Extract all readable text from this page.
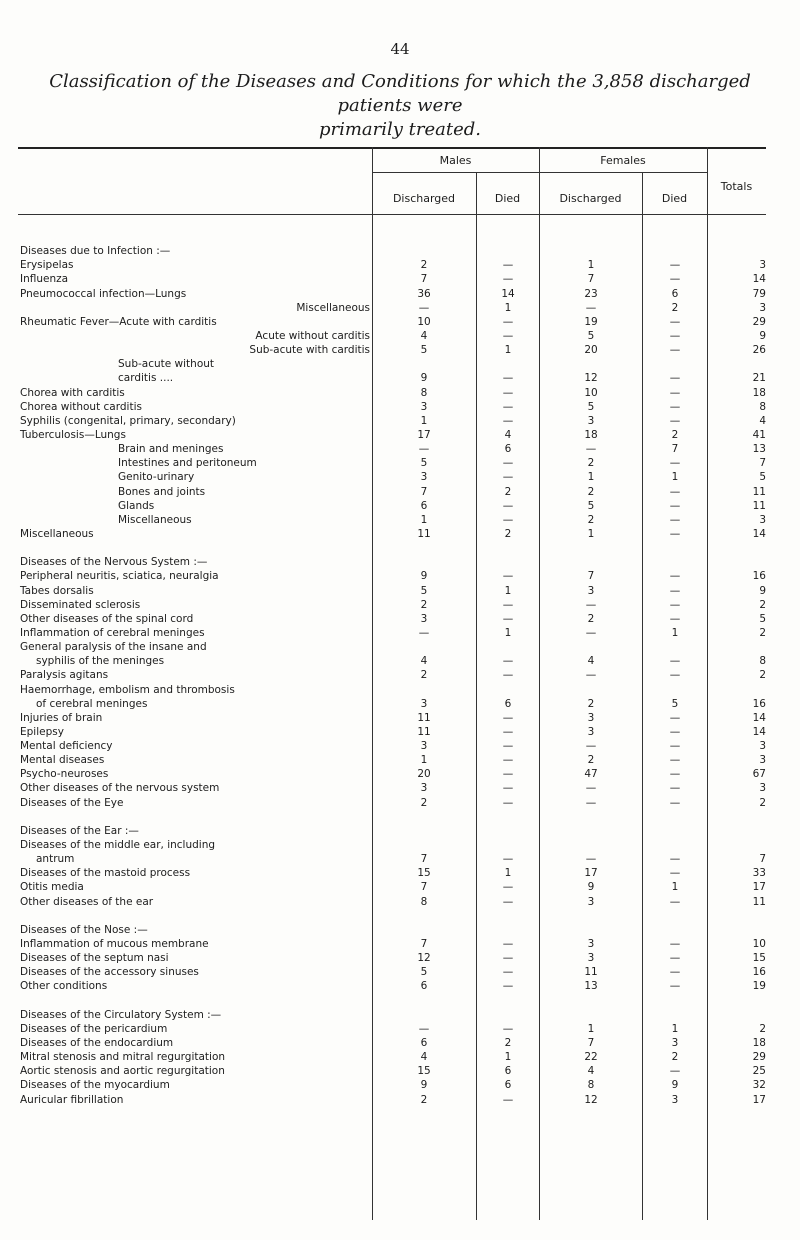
44
Classification of the Diseases and Conditions for which the 3,858 discharged patients were
primarily treated.
Males	Females
Totals
Discharged	Died	Discharged	Died
Diseases due to Infection :—
Erysipelas	2	—	1	—	3
Influenza	7	—	7	—	14
Pneumococcal infection—Lungs	36	14	23	6	79
Miscellaneous	—	1	—	2	3
Rheumatic Fever—Acute with carditis	10	—	19	—	29
Acute without carditis	4	—	5	—	9
Sub-acute with carditis	5	1	20	—	26
Sub-acute without
carditis ....	9	—	12	—	21
Chorea with carditis	8	—	10	—	18
Chorea without carditis	3	—	5	—	8
Syphilis (congenital, primary, secondary)	1	—	3	—	4
Tuberculosis—Lungs	17	4	18	2	41
Brain and meninges	—	6	—	7	13
Intestines and peritoneum	5	—	2	—	7
Genito-urinary	3	—	1	1	5
Bones and joints	7	2	2	—	11
Glands	6	—	5	—	11
Miscellaneous	1	—	2	—	3
Miscellaneous	11	2	1	—	14
Diseases of the Nervous System :—
Peripheral neuritis, sciatica, neuralgia	9	—	7	—	16
Tabes dorsalis	5	1	3	—	9
Disseminated sclerosis	2	—	—	—	2
Other diseases of the spinal cord	3	—	2	—	5
Inflammation of cerebral meninges	—	1	—	1	2
General paralysis of the insane and
syphilis of the meninges	4	—	4	—	8
Paralysis agitans	2	—	—	—	2
Haemorrhage, embolism and thrombosis
of cerebral meninges	3	6	2	5	16
Injuries of brain	11	—	3	—	14
Epilepsy	11	—	3	—	14
Mental deficiency	3	—	—	—	3
Mental diseases	1	—	2	—	3
Psycho-neuroses	20	—	47	—	67
Other diseases of the nervous system	3	—	—	—	3
Diseases of the Eye	2	—	—	—	2
Diseases of the Ear :—
Diseases of the middle ear, including
antrum	7	—	—	—	7
Diseases of the mastoid process	15	1	17	—	33
Otitis media	7	—	9	1	17
Other diseases of the ear	8	—	3	—	11
Diseases of the Nose :—
Inflammation of mucous membrane	7	—	3	—	10
Diseases of the septum nasi	12	—	3	—	15
Diseases of the accessory sinuses	5	—	11	—	16
Other conditions	6	—	13	—	19
Diseases of the Circulatory System :—
Diseases of the pericardium	—	—	1	1	2
Diseases of the endocardium	6	2	7	3	18
Mitral stenosis and mitral regurgitation	4	1	22	2	29
Aortic stenosis and aortic regurgitation	15	6	4	—	25
Diseases of the myocardium	9	6	8	9	32
Auricular fibrillation	2	—	12	3	17
